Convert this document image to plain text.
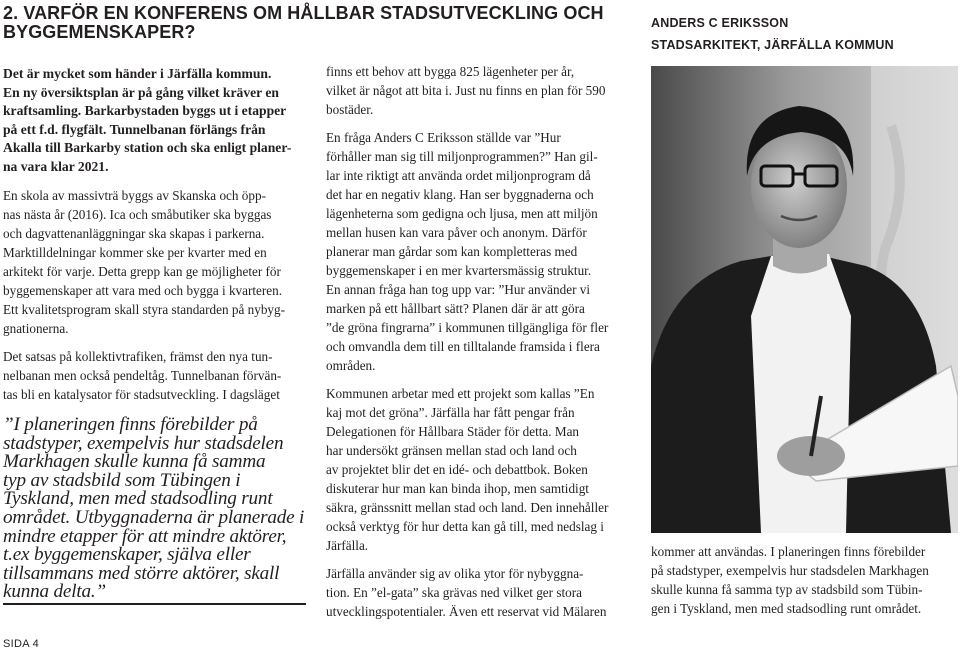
2. VARFÖR EN KONFERENS OM HÅLLBAR STADSUTVECKLING OCH
BYGGEMENSKAPER?	ANDERS C ERIKSSON
STADSARKITEKT, JÄRFÄLLA KOMMUN
Det är mycket som händer i Järfälla kommun.
En ny översiktsplan är på gång vilket kräver en
kraftsamling. Barkarbystaden byggs ut i etapper
på ett f.d. flygfält. Tunnelbanan förlängs från
Akalla till Barkarby station och ska enligt planer-
na vara klar 2021.

En skola av massivträ byggs av Skanska och öpp-
nas nästa år (2016). Ica och småbutiker ska byggas
och dagvattenanläggningar ska skapas i parkerna.
Marktilldelningar kommer ske per kvarter med en
arkitekt för varje. Detta grepp kan ge möjligheter för
byggemenskaper att vara med och bygga i kvarteren.
Ett kvalitetsprogram skall styra standarden på nybyg-
gnationerna.

Det satsas på kollektivtrafiken, främst den nya tun-
nelbanan men också pendeltåg. Tunnelbanan förvän-
tas bli en katalysator för stadsutveckling. I dagsläget

”I planeringen finns förebilder på
stadstyper, exempelvis hur stadsdelen
Markhagen skulle kunna få samma
typ av stadsbild som Tübingen i
Tyskland, men med stadsodling runt
området. Utbyggnaderna är planerade i
mindre etapper för att mindre aktörer,
t.ex byggemenskaper, själva eller
tillsammans med större aktörer, skall
kunna delta.”

finns ett behov att bygga 825 lägenheter per år,
vilket är något att bita i. Just nu finns en plan för 590
bostäder.

En fråga Anders C Eriksson ställde var ”Hur
förhåller man sig till miljonprogrammen?” Han gil-
lar inte riktigt att använda ordet miljonprogram då
det har en negativ klang. Han ser byggnaderna och
lägenheterna som gedigna och ljusa, men att miljön
mellan husen kan vara påver och anonym. Därför
planerar man gårdar som kan kompletteras med
byggemenskaper i en mer kvartersmässig struktur.
En annan fråga han tog upp var: ”Hur använder vi
marken på ett hållbart sätt? Planen där är att göra
”de gröna fingrarna” i kommunen tillgängliga för fler
och omvandla dem till en tilltalande framsida i flera
områden.

Kommunen arbetar med ett projekt som kallas ”En
kaj mot det gröna”. Järfälla har fått pengar från
Delegationen för Hållbara Städer för detta. Man
har undersökt gränsen mellan stad och land och
av projektet blir det en idé- och debattbok. Boken
diskuterar hur man kan binda ihop, men samtidigt
säkra, gränssnitt mellan stad och land. Den innehåller
också verktyg för hur detta kan gå till, med nedslag i
Järfälla.

Järfälla använder sig av olika ytor för nybyggna-
tion. En ”el-gata” ska grävas ned vilket ger stora
utvecklingspotentialer. Även ett reservat vid Mälaren

kommer att användas. I planeringen finns förebilder
på stadstyper, exempelvis hur stadsdelen Markhagen
skulle kunna få samma typ av stadsbild som Tübin-
gen i Tyskland, men med stadsodling runt området.

SIDA 4
